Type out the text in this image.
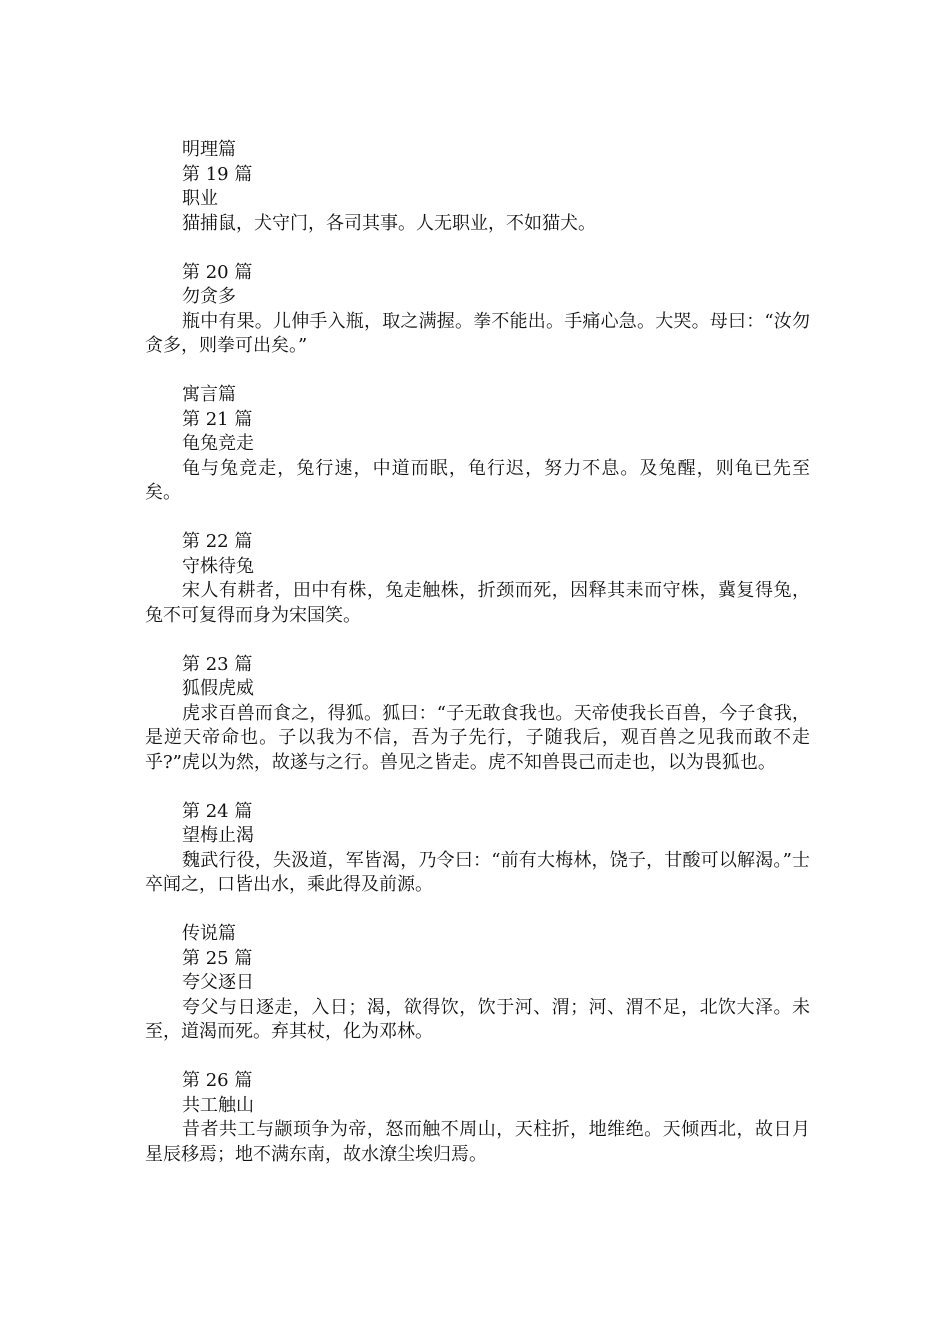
明理篇
第 19 篇
职业
猫捕鼠，犬守门，各司其事。人无职业，不如猫犬。
第 20 篇
勿贪多
瓶中有果。儿伸手入瓶，取之满握。拳不能出。手痛心急。大哭。母曰：“汝勿贪多，则拳可出矣。”
寓言篇
第 21 篇
龟兔竞走
龟与兔竞走，兔行速，中道而眠，龟行迟，努力不息。及兔醒，则龟已先至矣。
第 22 篇
守株待兔
宋人有耕者，田中有株，兔走触株，折颈而死，因释其耒而守株，冀复得兔，兔不可复得而身为宋国笑。
第 23 篇
狐假虎威
虎求百兽而食之，得狐。狐曰：“子无敢食我也。天帝使我长百兽，今子食我，是逆天帝命也。子以我为不信，吾为子先行，子随我后，观百兽之见我而敢不走乎?”虎以为然，故遂与之行。兽见之皆走。虎不知兽畏己而走也，以为畏狐也。
第 24 篇
望梅止渴
魏武行役，失汲道，军皆渴，乃令曰：“前有大梅林，饶子，甘酸可以解渴。”士卒闻之，口皆出水，乘此得及前源。
传说篇
第 25 篇
夸父逐日
夸父与日逐走，入日；渴，欲得饮，饮于河、渭；河、渭不足，北饮大泽。未至，道渴而死。弃其杖，化为邓林。
第 26 篇
共工触山
昔者共工与颛顼争为帝，怒而触不周山，天柱折，地维绝。天倾西北，故日月星辰移焉；地不满东南，故水潦尘埃归焉。
